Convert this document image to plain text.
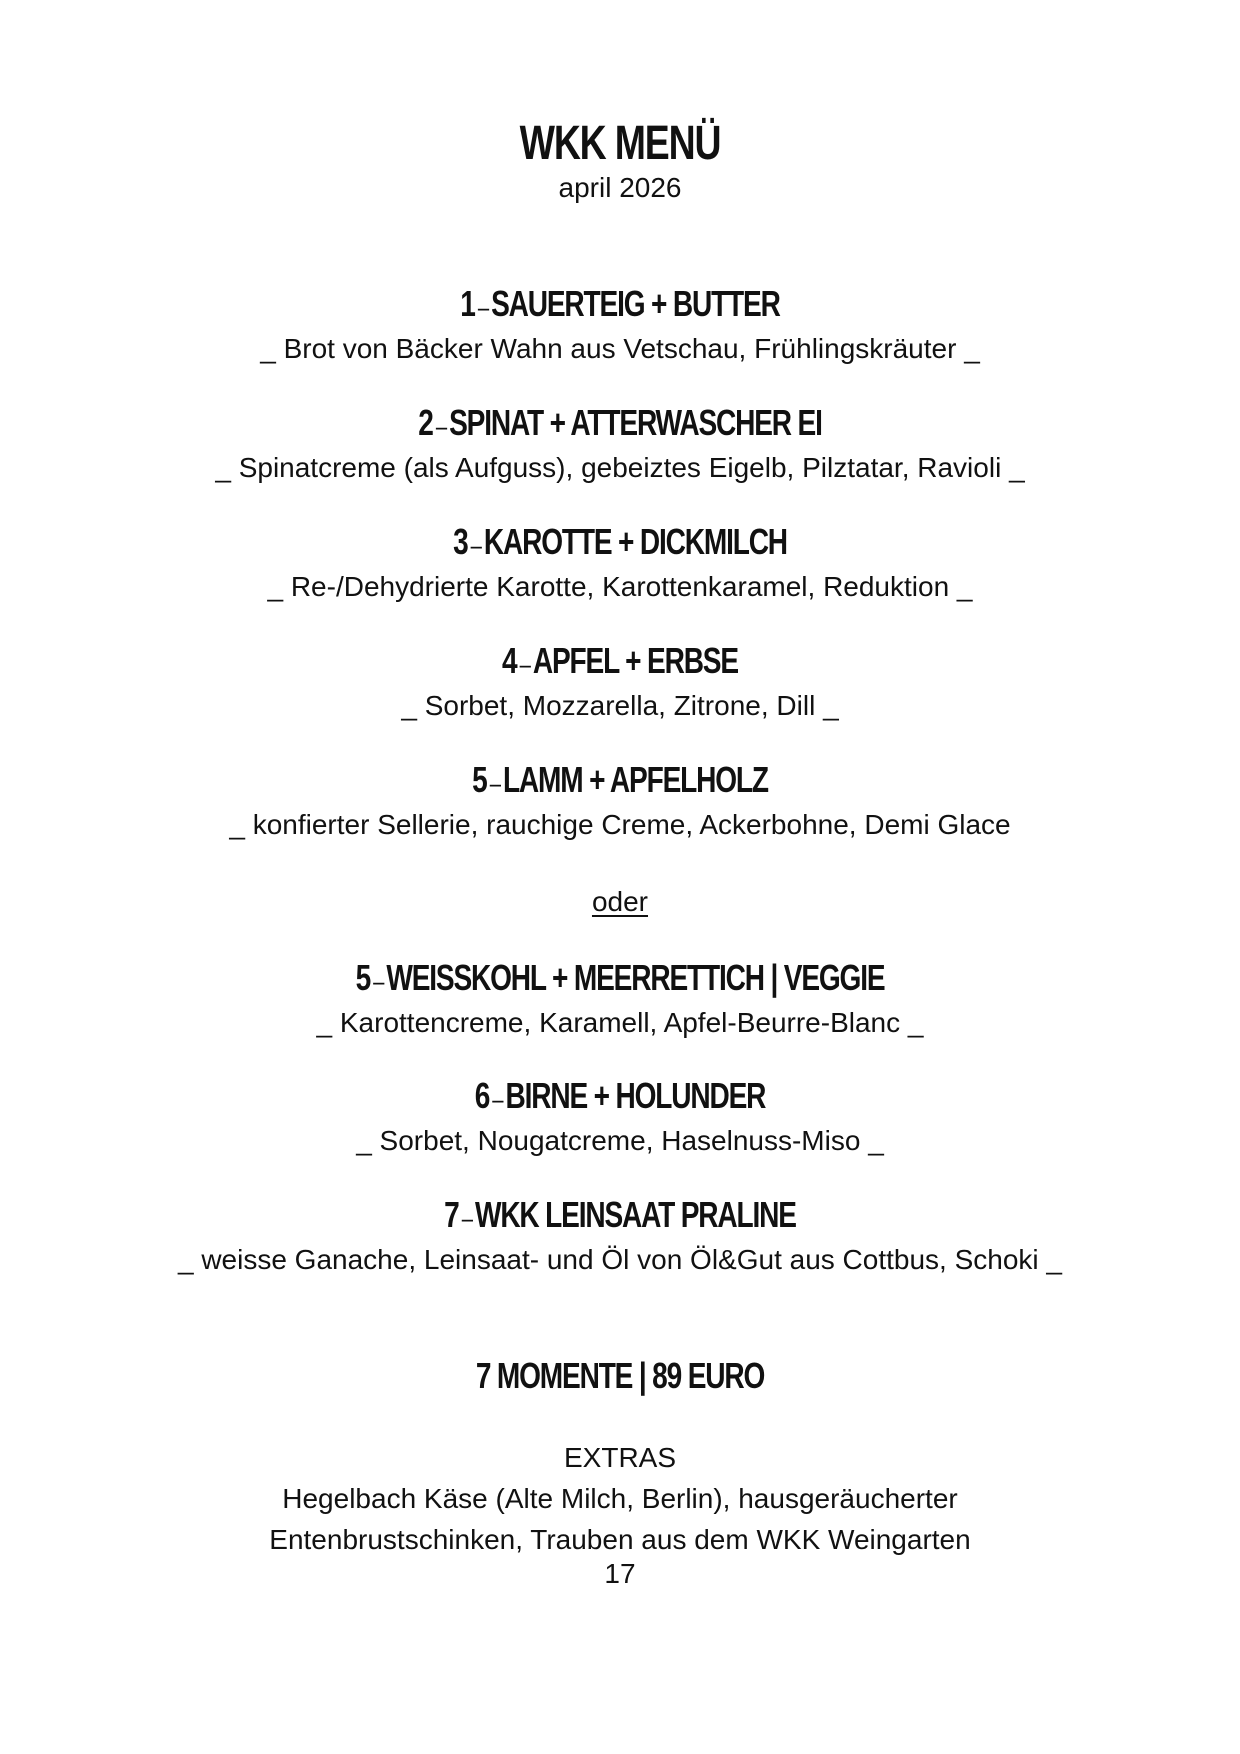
WKK MENÜ

april 2026

1 –SAUERTEIG + BUTTER

_ Brot von Bäcker Wahn aus Vetschau, Frühlingskräuter _

2 –SPINAT + ATTERWASCHER EI

_ Spinatcreme (als Aufguss), gebeiztes Eigelb, Pilztatar, Ravioli _

3 –KAROTTE + DICKMILCH

_ Re-/Dehydrierte Karotte, Karottenkaramel, Reduktion _

4 –APFEL + ERBSE

_ Sorbet, Mozzarella, Zitrone, Dill _

5 –LAMM + APFELHOLZ

_ konfierter Sellerie, rauchige Creme, Ackerbohne, Demi Glace

oder

5 –WEISSKOHL + MEERRETTICH | VEGGIE

_ Karottencreme, Karamell, Apfel-Beurre-Blanc _

6 –BIRNE + HOLUNDER

_ Sorbet, Nougatcreme, Haselnuss-Miso _

7 –WKK LEINSAAT PRALINE

_ weisse Ganache, Leinsaat- und Öl von Öl&Gut aus Cottbus, Schoki _

7 MOMENTE | 89 EURO

EXTRAS

Hegelbach Käse (Alte Milch, Berlin), hausgeräucherter

Entenbrustschinken, Trauben aus dem WKK Weingarten

17
